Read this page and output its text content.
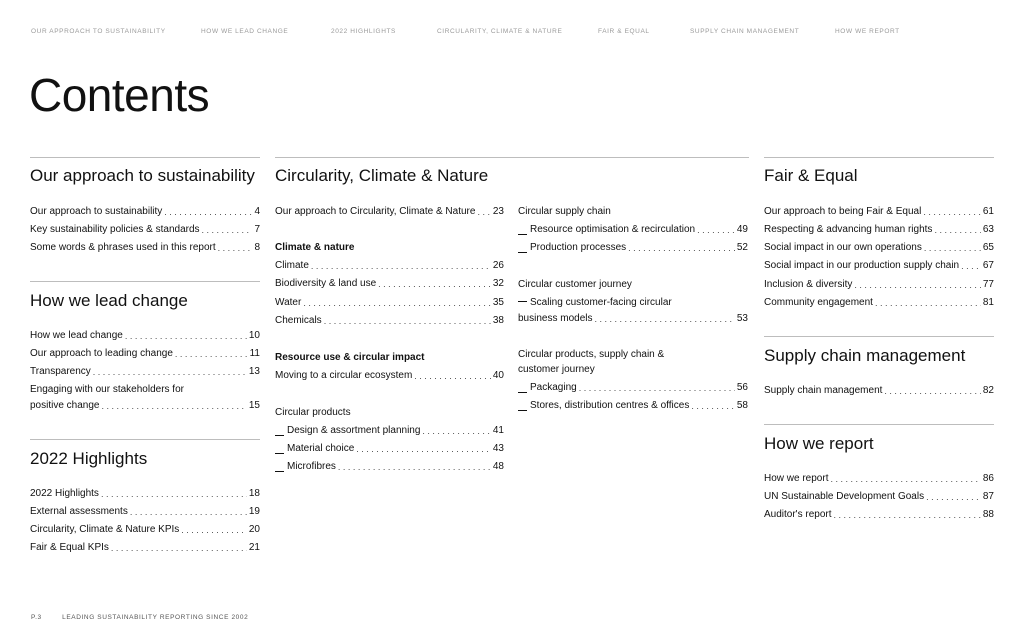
OUR APPROACH TO SUSTAINABILITY	HOW WE LEAD CHANGE	2022 HIGHLIGHTS	CIRCULARITY, CLIMATE & NATURE	FAIR & EQUAL	SUPPLY CHAIN MANAGEMENT	HOW WE REPORT
Contents
Our approach to sustainability
Our approach to sustainability . . .	4
Key sustainability policies & standards . . .	7
Some words & phrases used in this report . . .	8
How we lead change
How we lead change . . .	10
Our approach to leading change . . .	11
Transparency . . .	13
Engaging with our stakeholders for
positive change . . .	15
2022 Highlights
2022 Highlights . . .	18
External assessments . . .	19
Circularity, Climate & Nature KPIs . . .	20
Fair & Equal KPIs . . .	21
Circularity, Climate & Nature
Our approach to Circularity, Climate & Nature . . . 23
Climate & nature
Climate . . .	26
Biodiversity & land use . . .	32
Water . . .	35
Chemicals . . .	38
Resource use & circular impact
Moving to a circular ecosystem . . .	40
Circular products
Design & assortment planning . . .	41
Material choice . . .	43
Microfibres . . .	48
Circular supply chain
Resource optimisation & recirculation . . .	49
Production processes . . .	52
Circular customer journey
Scaling customer-facing circular
business models . . .	53
Circular products, supply chain &
customer journey
Packaging . . .	56
Stores, distribution centres & offices . . .	58
Fair & Equal
Our approach to being Fair & Equal . . .	61
Respecting & advancing human rights . . .	63
Social impact in our own operations . . .	65
Social impact in our production supply chain . . . 67
Inclusion & diversity . . .	77
Community engagement . . .	81
Supply chain management
Supply chain management . . .	82
How we report
How we report . . .	86
UN Sustainable Development Goals . . .	87
Auditor's report . . .	88
P.3	LEADING SUSTAINABILITY REPORTING SINCE 2002
